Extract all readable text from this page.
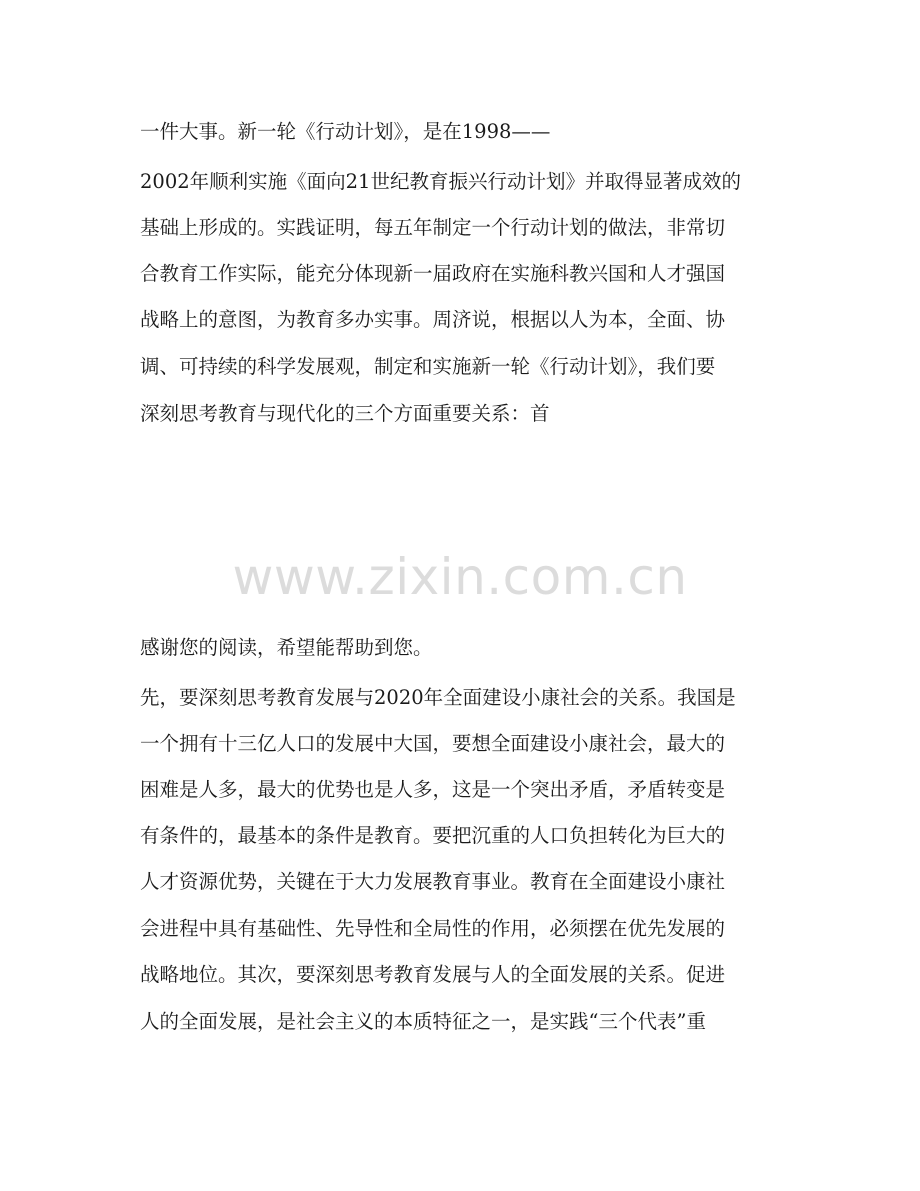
一件大事。新一轮《行动计划》，是在1998——
2002年顺利实施《面向21世纪教育振兴行动计划》并取得显著成效的
基础上形成的。实践证明，每五年制定一个行动计划的做法，非常切
合教育工作实际，能充分体现新一届政府在实施科教兴国和人才强国
战略上的意图，为教育多办实事。周济说，根据以人为本，全面、协
调、可持续的科学发展观，制定和实施新一轮《行动计划》，我们要
深刻思考教育与现代化的三个方面重要关系：首
www.zixin.com.cn
感谢您的阅读，希望能帮助到您。
先，要深刻思考教育发展与2020年全面建设小康社会的关系。我国是
一个拥有十三亿人口的发展中大国，要想全面建设小康社会，最大的
困难是人多，最大的优势也是人多，这是一个突出矛盾，矛盾转变是
有条件的，最基本的条件是教育。要把沉重的人口负担转化为巨大的
人才资源优势，关键在于大力发展教育事业。教育在全面建设小康社
会进程中具有基础性、先导性和全局性的作用，必须摆在优先发展的
战略地位。其次，要深刻思考教育发展与人的全面发展的关系。促进
人的全面发展，是社会主义的本质特征之一，是实践“三个代表”重
